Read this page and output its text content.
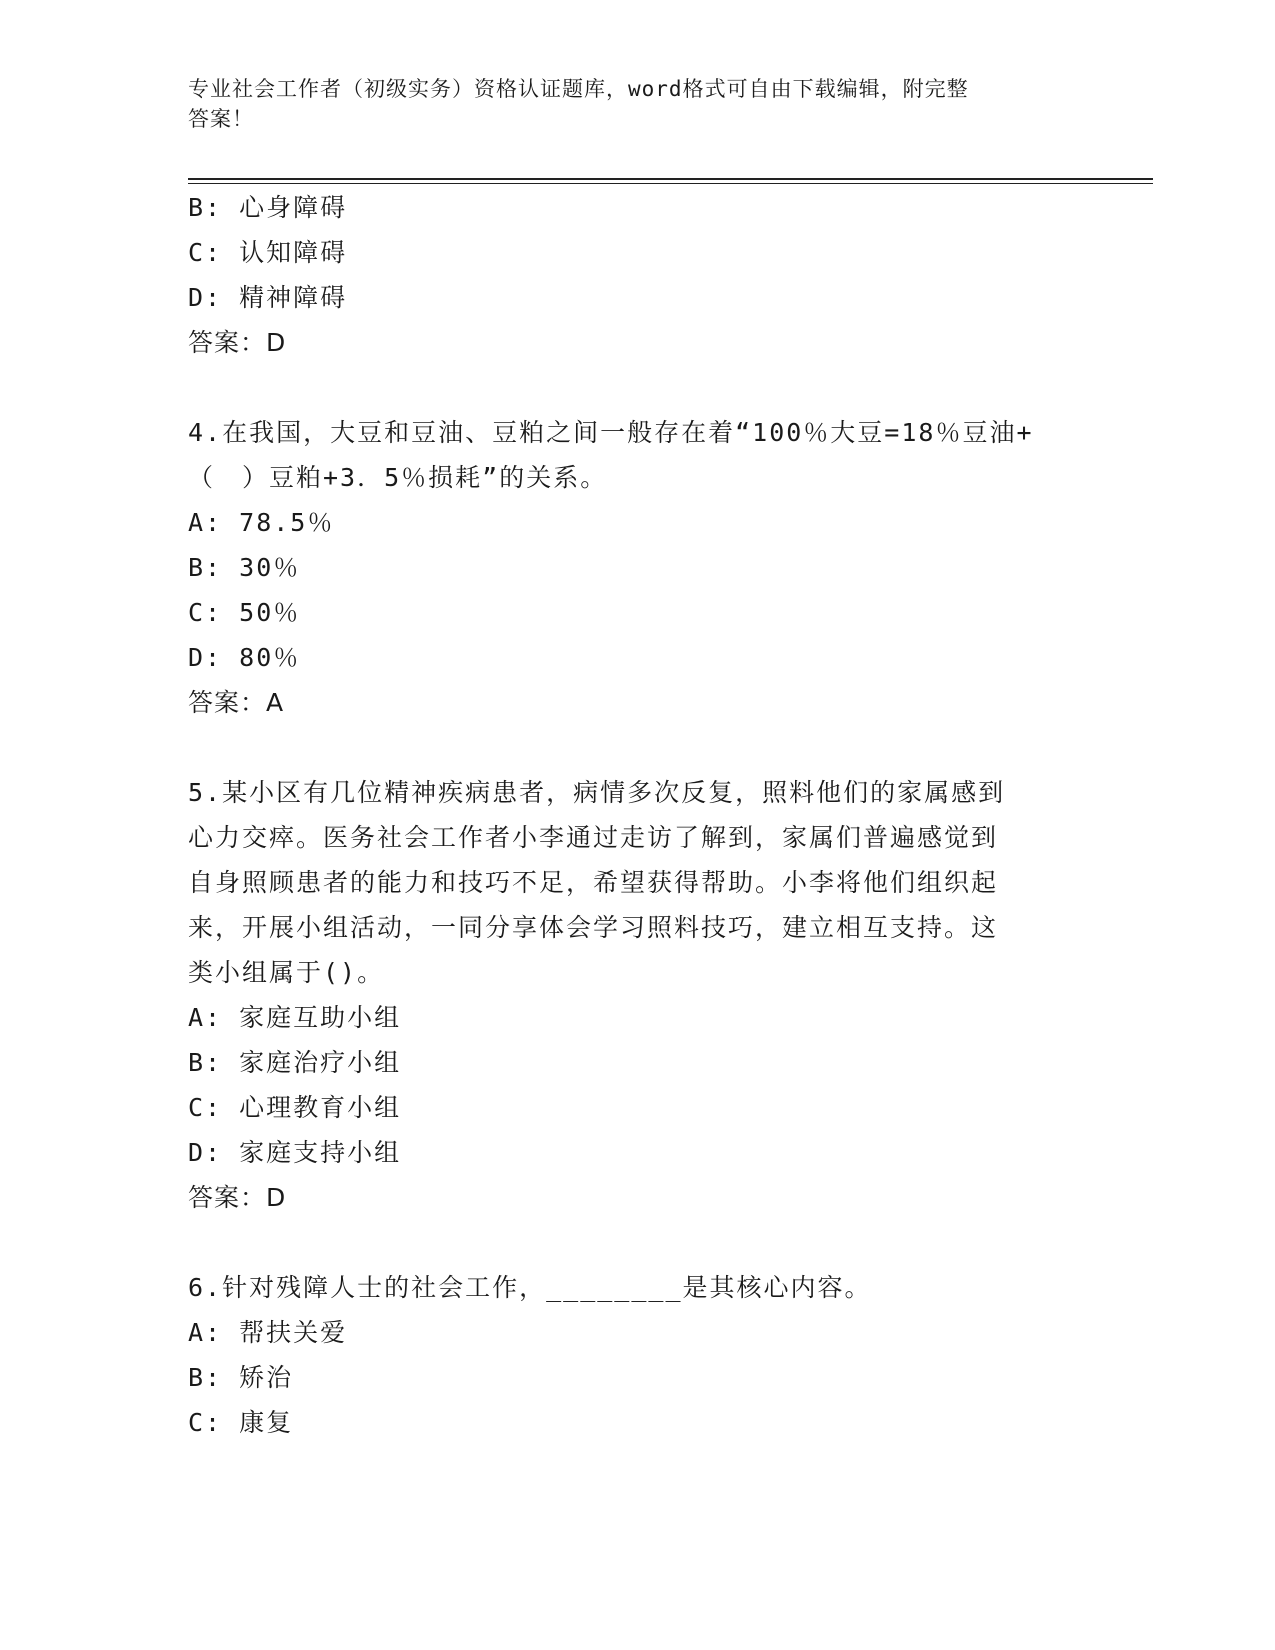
专业社会工作者（初级实务）资格认证题库，word格式可自由下载编辑，附完整
答案！
B: 心身障碍
C: 认知障碍
D: 精神障碍
答案：D
4.在我国，大豆和豆油、豆粕之间一般存在着“100％大豆=18％豆油+
（　）豆粕+3．5％损耗”的关系。
A: 78.5％
B: 30％
C: 50％
D: 80％
答案：A
5.某小区有几位精神疾病患者，病情多次反复，照料他们的家属感到
心力交瘁。医务社会工作者小李通过走访了解到，家属们普遍感觉到
自身照顾患者的能力和技巧不足，希望获得帮助。小李将他们组织起
来，开展小组活动，一同分享体会学习照料技巧，建立相互支持。这
类小组属于()。
A: 家庭互助小组
B: 家庭治疗小组
C: 心理教育小组
D: 家庭支持小组
答案：D
6.针对残障人士的社会工作，________是其核心内容。
A: 帮扶关爱
B: 矫治
C: 康复
